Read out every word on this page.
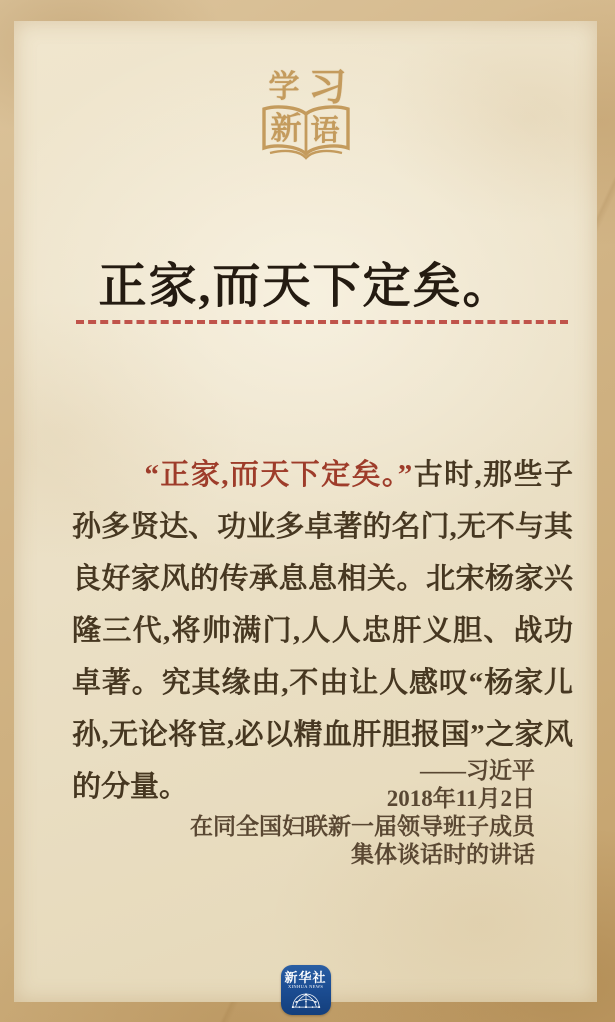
学 习
新 语
正家,而天下定矣。

“正家,而天下定矣。”古时,那些子孙多贤达、功业多卓著的名门,无不与其良好家风的传承息息相关。北宋杨家兴隆三代,将帅满门,人人忠肝义胆、战功卓著。究其缘由,不由让人感叹“杨家儿孙,无论将宦,必以精血肝胆报国”之家风的分量。

——习近平
2018年11月2日
在同全国妇联新一届领导班子成员
集体谈话时的讲话
新华社
XINHUA NEWS
